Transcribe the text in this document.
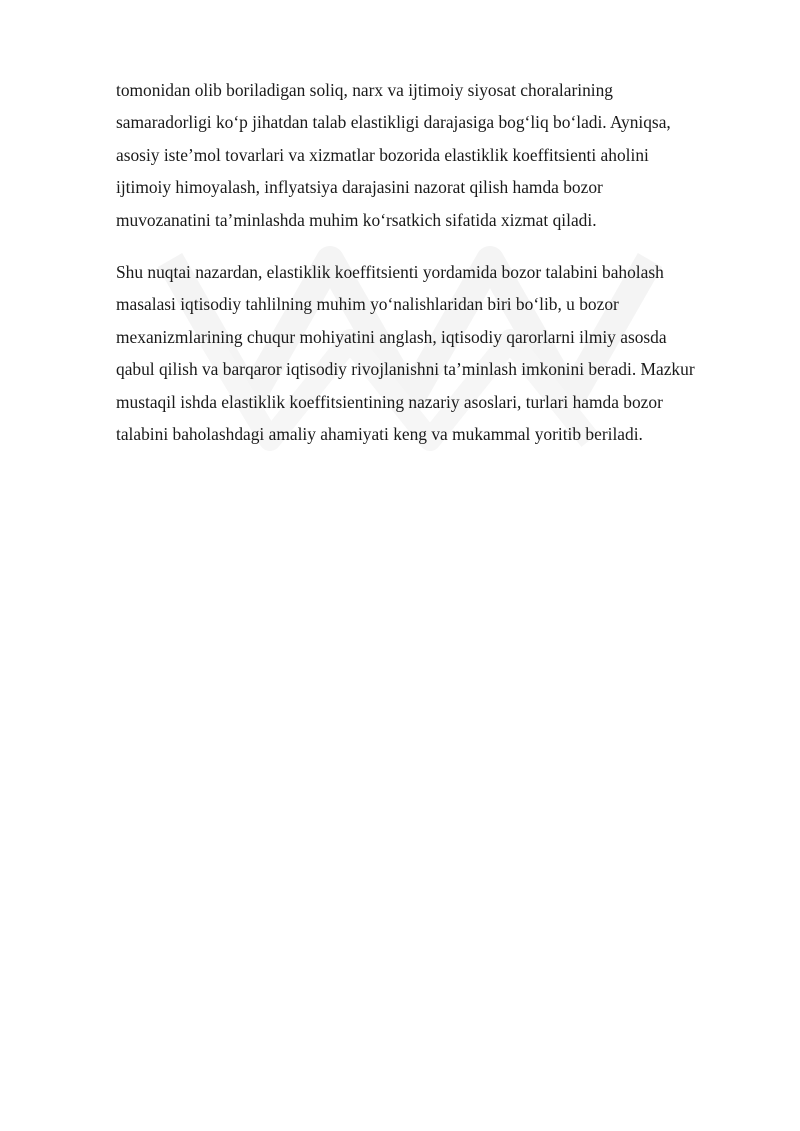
tomonidan olib boriladigan soliq, narx va ijtimoiy siyosat choralarining
samaradorligi koʻp jihatdan talab elastikligi darajasiga bogʻliq boʻladi. Ayniqsa,
asosiy iste’mol tovarlari va xizmatlar bozorida elastiklik koeffitsienti aholini
ijtimoiy himoyalash, inflyatsiya darajasini nazorat qilish hamda bozor
muvozanatini ta’minlashda muhim koʻrsatkich sifatida xizmat qiladi.

Shu nuqtai nazardan, elastiklik koeffitsienti yordamida bozor talabini baholash
masalasi iqtisodiy tahlilning muhim yoʻnalishlaridan biri boʻlib, u bozor
mexanizmlarining chuqur mohiyatini anglash, iqtisodiy qarorlarni ilmiy asosda
qabul qilish va barqaror iqtisodiy rivojlanishni ta’minlash imkonini beradi. Mazkur
mustaqil ishda elastiklik koeffitsientining nazariy asoslari, turlari hamda bozor
talabini baholashdagi amaliy ahamiyati keng va mukammal yoritib beriladi.
